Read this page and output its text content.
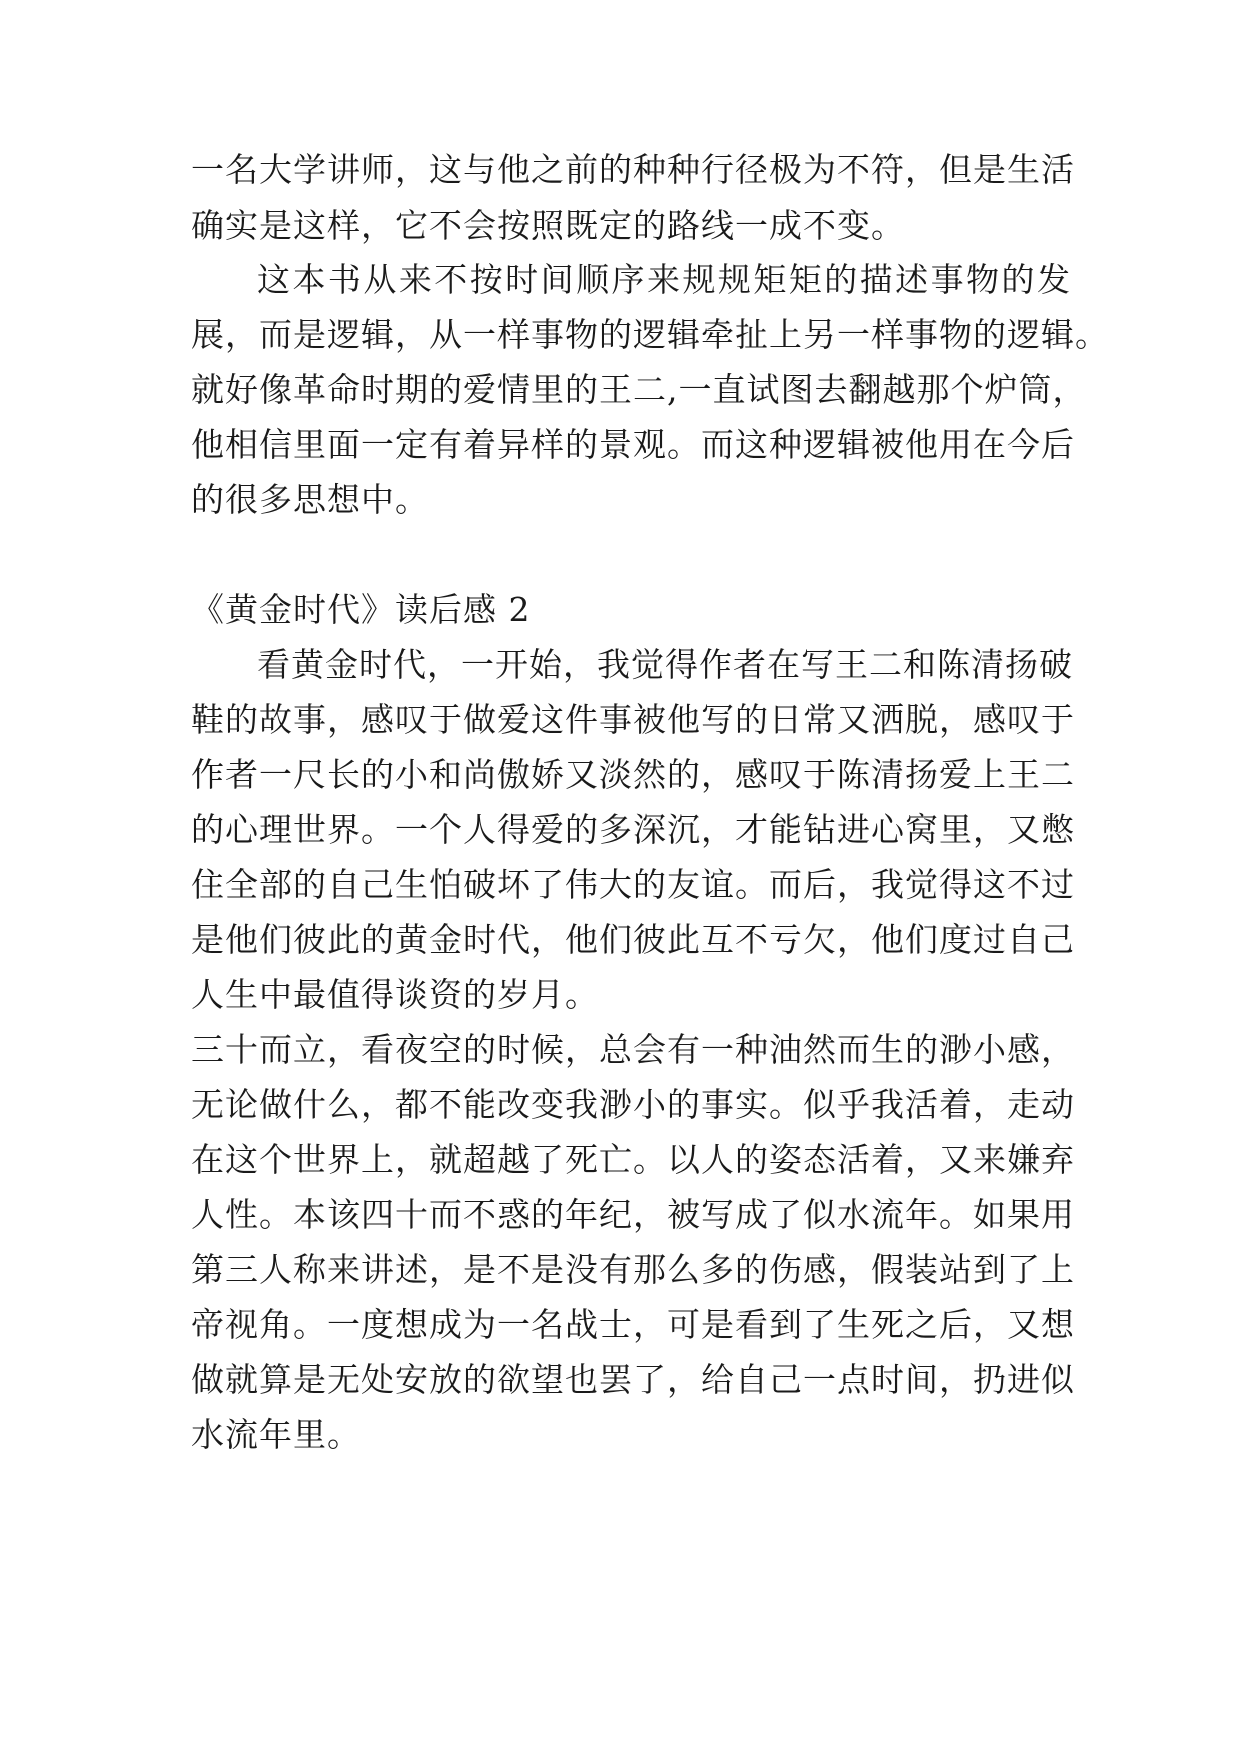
一名大学讲师，这与他之前的种种行径极为不符，但是生活
确实是这样，它不会按照既定的路线一成不变。
这本书从来不按时间顺序来规规矩矩的描述事物的发
展，而是逻辑，从一样事物的逻辑牵扯上另一样事物的逻辑。
就好像革命时期的爱情里的王二,一直试图去翻越那个炉筒，
他相信里面一定有着异样的景观。而这种逻辑被他用在今后
的很多思想中。
《黄金时代》读后感 2
看黄金时代，一开始，我觉得作者在写王二和陈清扬破
鞋的故事，感叹于做爱这件事被他写的日常又洒脱，感叹于
作者一尺长的小和尚傲娇又淡然的，感叹于陈清扬爱上王二
的心理世界。一个人得爱的多深沉，才能钻进心窝里，又憋
住全部的自己生怕破坏了伟大的友谊。而后，我觉得这不过
是他们彼此的黄金时代，他们彼此互不亏欠，他们度过自己
人生中最值得谈资的岁月。
三十而立，看夜空的时候，总会有一种油然而生的渺小感，
无论做什么，都不能改变我渺小的事实。似乎我活着，走动
在这个世界上，就超越了死亡。以人的姿态活着，又来嫌弃
人性。本该四十而不惑的年纪，被写成了似水流年。如果用
第三人称来讲述，是不是没有那么多的伤感，假装站到了上
帝视角。一度想成为一名战士，可是看到了生死之后，又想
做就算是无处安放的欲望也罢了，给自己一点时间，扔进似
水流年里。
